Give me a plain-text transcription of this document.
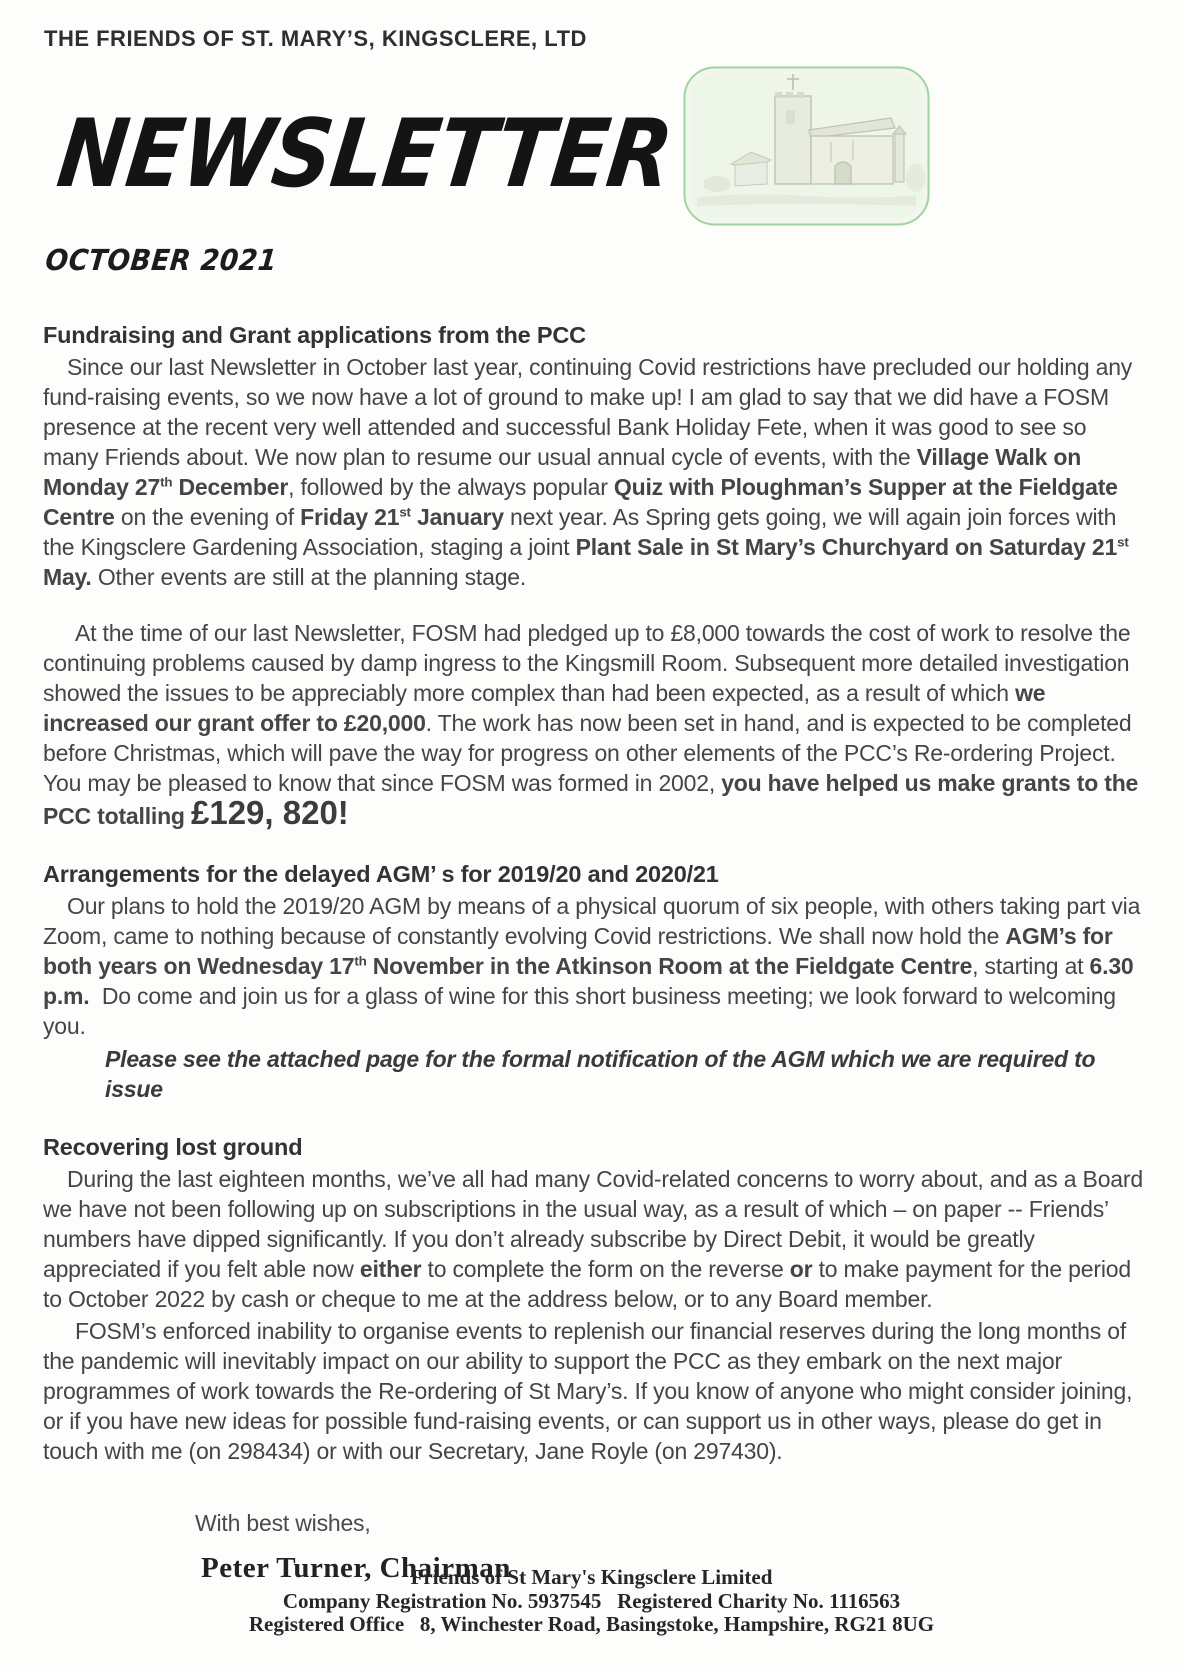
THE FRIENDS OF ST. MARY’S, KINGSCLERE, LTD
NEWSLETTER
OCTOBER 2021

Fundraising and Grant applications from the PCC

Since our last Newsletter in October last year, continuing Covid restrictions have precluded our holding any fund-raising events, so we now have a lot of ground to make up! I am glad to say that we did have a FOSM presence at the recent very well attended and successful Bank Holiday Fete, when it was good to see so many Friends about. We now plan to resume our usual annual cycle of events, with the Village Walk on Monday 27th December, followed by the always popular Quiz with Ploughman’s Supper at the Fieldgate Centre on the evening of Friday 21st January next year. As Spring gets going, we will again join forces with the Kingsclere Gardening Association, staging a joint Plant Sale in St Mary’s Churchyard on Saturday 21st May. Other events are still at the planning stage.

At the time of our last Newsletter, FOSM had pledged up to £8,000 towards the cost of work to resolve the continuing problems caused by damp ingress to the Kingsmill Room. Subsequent more detailed investigation showed the issues to be appreciably more complex than had been expected, as a result of which we increased our grant offer to £20,000. The work has now been set in hand, and is expected to be completed before Christmas, which will pave the way for progress on other elements of the PCC’s Re-ordering Project. You may be pleased to know that since FOSM was formed in 2002, you have helped us make grants to the PCC totalling £129, 820!

Arrangements for the delayed AGM’ s for 2019/20 and 2020/21

Our plans to hold the 2019/20 AGM by means of a physical quorum of six people, with others taking part via Zoom, came to nothing because of constantly evolving Covid restrictions. We shall now hold the AGM’s for both years on Wednesday 17th November in the Atkinson Room at the Fieldgate Centre, starting at 6.30 p.m.  Do come and join us for a glass of wine for this short business meeting; we look forward to welcoming you.

Please see the attached page for the formal notification of the AGM which we are required to issue

Recovering lost ground

During the last eighteen months, we’ve all had many Covid-related concerns to worry about, and as a Board we have not been following up on subscriptions in the usual way, as a result of which – on paper -- Friends’ numbers have dipped significantly. If you don’t already subscribe by Direct Debit, it would be greatly appreciated if you felt able now either to complete the form on the reverse or to make payment for the period to October 2022 by cash or cheque to me at the address below, or to any Board member.

FOSM’s enforced inability to organise events to replenish our financial reserves during the long months of the pandemic will inevitably impact on our ability to support the PCC as they embark on the next major programmes of work towards the Re-ordering of St Mary’s. If you know of anyone who might consider joining, or if you have new ideas for possible fund-raising events, or can support us in other ways, please do get in touch with me (on 298434) or with our Secretary, Jane Royle (on 297430).

With best wishes,

Peter Turner, Chairman

Friends of St Mary's Kingsclere Limited
Company Registration No. 5937545   Registered Charity No. 1116563
Registered Office   8, Winchester Road, Basingstoke, Hampshire, RG21 8UG
